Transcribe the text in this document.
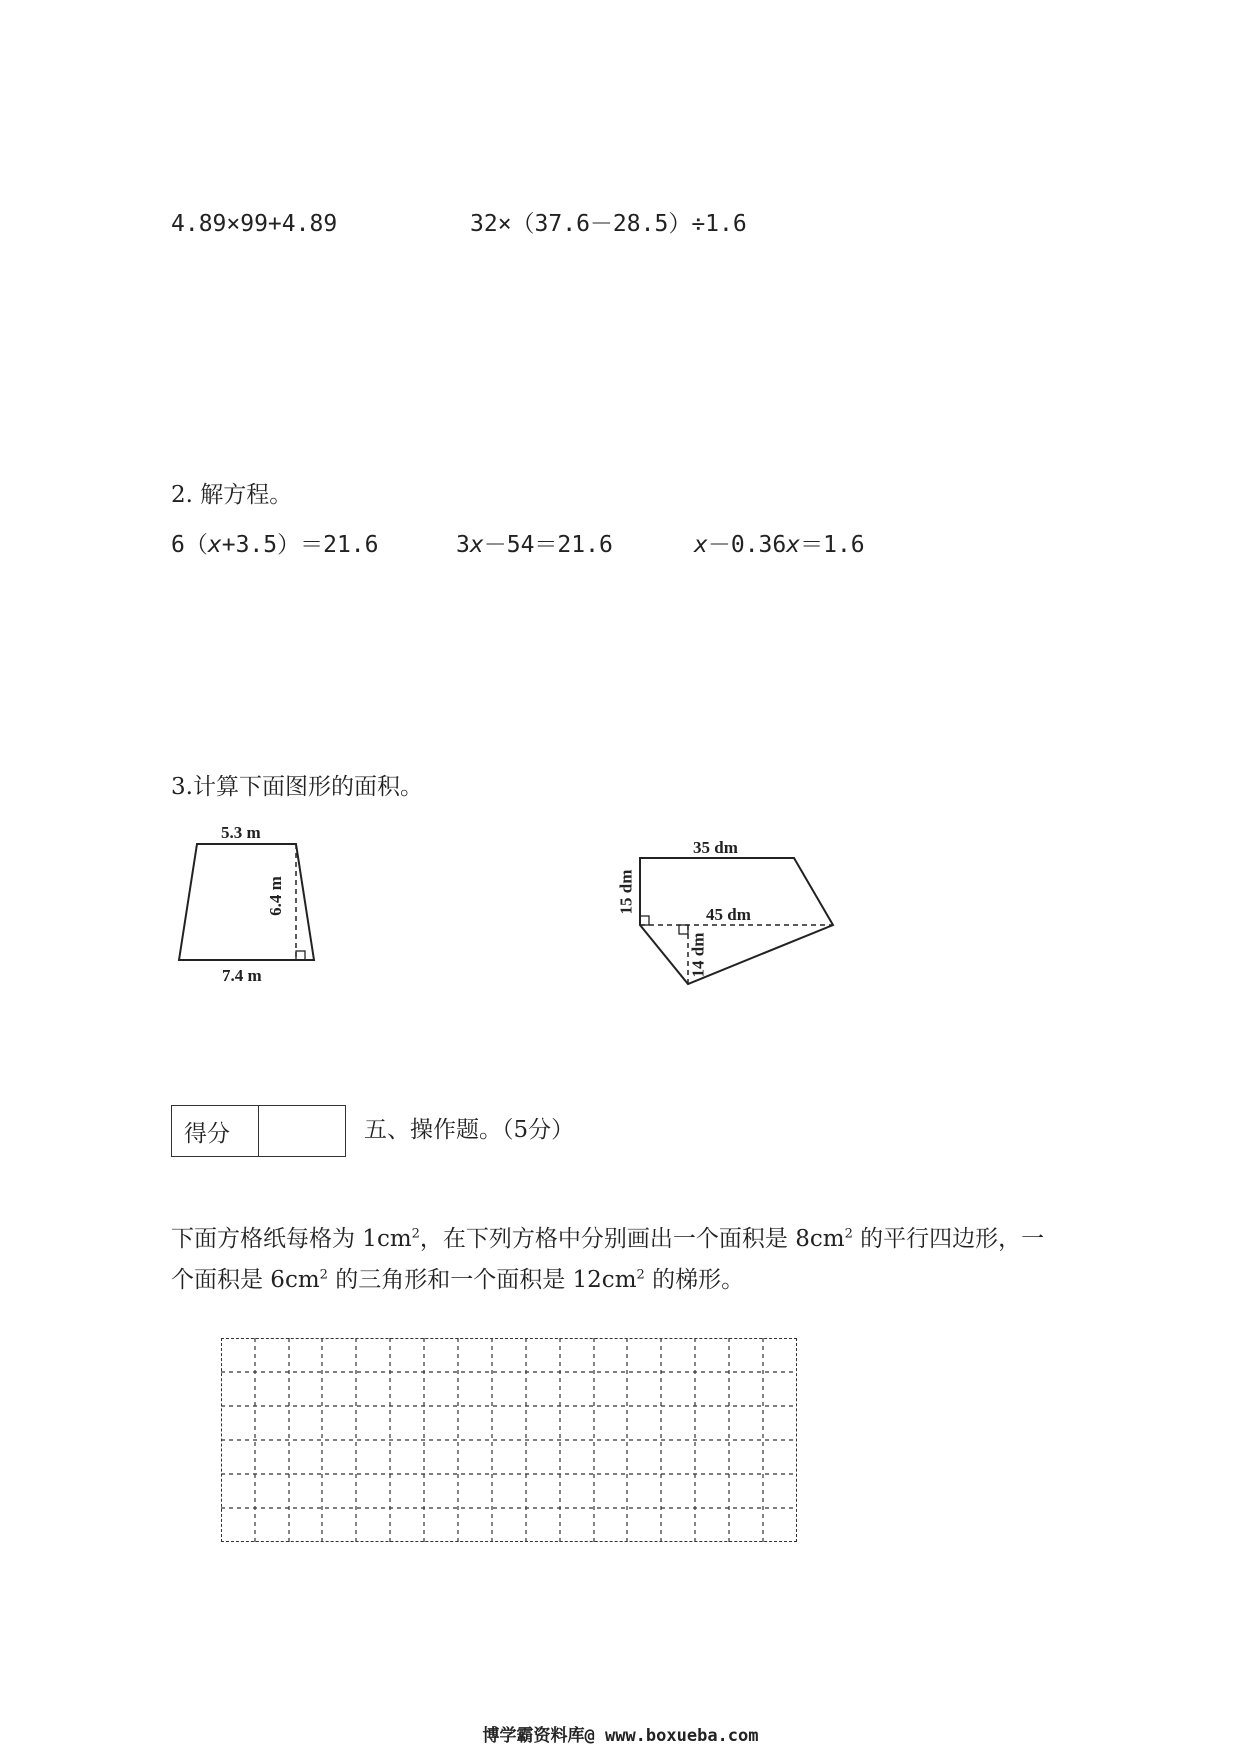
4.89×99+4.89	32×（37.6－28.5）÷1.6
2. 解方程。
6（x+3.5）＝21.6	3x－54＝21.6	x－0.36x＝1.6
3.计算下面图形的面积。
5.3 m
6.4 m
7.4 m
35 dm
15 dm
45 dm
14 dm
得分	五、操作题。（5分）
下面方格纸每格为 $1cm^2$，在下列方格中分别画出一个面积是 $8cm^2$ 的平行四边形，一
个面积是 $6cm^2$ 的三角形和一个面积是 $12cm^2$ 的梯形。
博学霸资料库@ www.boxueba.com
